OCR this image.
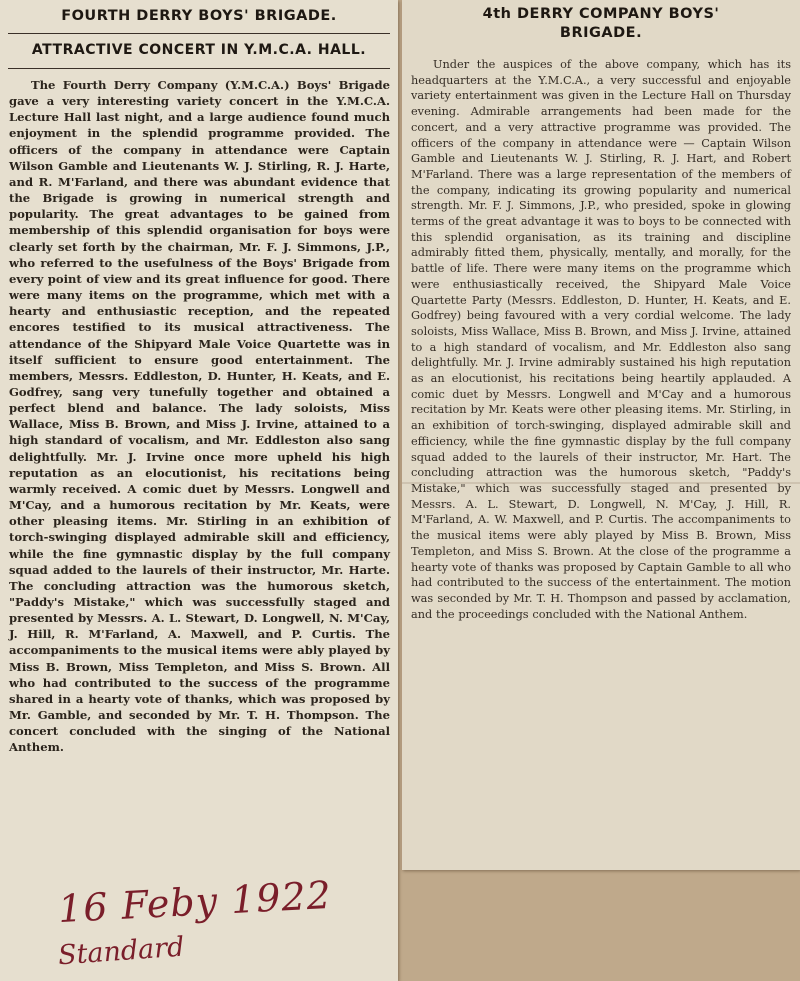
FOURTH DERRY BOYS' BRIGADE.
ATTRACTIVE CONCERT IN Y.M.C.A. HALL.

The Fourth Derry Company (Y.M.C.A.) Boys' Brigade gave a very interesting variety concert in the Y.M.C.A. Lecture Hall last night, and a large audience found much enjoyment in the splendid programme provided. The officers of the company in attendance were Captain Wilson Gamble and Lieutenants W. J. Stirling, R. J. Harte, and R. M'Farland, and there was abundant evidence that the Brigade is growing in numerical strength and popularity. The great advantages to be gained from membership of this splendid organisation for boys were clearly set forth by the chairman, Mr. F. J. Simmons, J.P., who referred to the usefulness of the Boys' Brigade from every point of view and its great influence for good. There were many items on the programme, which met with a hearty and enthusiastic reception, and the repeated encores testified to its musical attractiveness. The attendance of the Shipyard Male Voice Quartette was in itself sufficient to ensure good entertainment. The members, Messrs. Eddleston, D. Hunter, H. Keats, and E. Godfrey, sang very tunefully together and obtained a perfect blend and balance. The lady soloists, Miss Wallace, Miss B. Brown, and Miss J. Irvine, attained to a high standard of vocalism, and Mr. Eddleston also sang delightfully. Mr. J. Irvine once more upheld his high reputation as an elocutionist, his recitations being warmly received. A comic duet by Messrs. Longwell and M'Cay, and a humorous recitation by Mr. Keats, were other pleasing items. Mr. Stirling in an exhibition of torch-swinging displayed admirable skill and efficiency, while the fine gymnastic display by the full company squad added to the laurels of their instructor, Mr. Harte. The concluding attraction was the humorous sketch, "Paddy's Mistake," which was successfully staged and presented by Messrs. A. L. Stewart, D. Longwell, N. M'Cay, J. Hill, R. M'Farland, A. Maxwell, and P. Curtis. The accompaniments to the musical items were ably played by Miss B. Brown, Miss Templeton, and Miss S. Brown. All who had contributed to the success of the programme shared in a hearty vote of thanks, which was proposed by Mr. Gamble, and seconded by Mr. T. H. Thompson. The concert concluded with the singing of the National Anthem.

16 Feby 1922
Standard
4th DERRY COMPANY BOYS'
BRIGADE.

Under the auspices of the above company, which has its headquarters at the Y.M.C.A., a very successful and enjoyable variety entertainment was given in the Lecture Hall on Thursday evening. Admirable arrangements had been made for the concert, and a very attractive programme was provided. The officers of the company in attendance were — Captain Wilson Gamble and Lieutenants W. J. Stirling, R. J. Hart, and Robert M'Farland. There was a large representation of the members of the company, indicating its growing popularity and numerical strength. Mr. F. J. Simmons, J.P., who presided, spoke in glowing terms of the great advantage it was to boys to be connected with this splendid organisation, as its training and discipline admirably fitted them, physically, mentally, and morally, for the battle of life. There were many items on the programme which were enthusiastically received, the Shipyard Male Voice Quartette Party (Messrs. Eddleston, D. Hunter, H. Keats, and E. Godfrey) being favoured with a very cordial welcome. The lady soloists, Miss Wallace, Miss B. Brown, and Miss J. Irvine, attained to a high standard of vocalism, and Mr. Eddleston also sang delightfully. Mr. J. Irvine admirably sustained his high reputation as an elocutionist, his recitations being heartily applauded. A comic duet by Messrs. Longwell and M'Cay and a humorous recitation by Mr. Keats were other pleasing items. Mr. Stirling, in an exhibition of torch-swinging, displayed admirable skill and efficiency, while the fine gymnastic display by the full company squad added to the laurels of their instructor, Mr. Hart. The concluding attraction was the humorous sketch, "Paddy's Mistake," which was successfully staged and presented by Messrs. A. L. Stewart, D. Longwell, N. M'Cay, J. Hill, R. M'Farland, A. W. Maxwell, and P. Curtis. The accompaniments to the musical items were ably played by Miss B. Brown, Miss Templeton, and Miss S. Brown. At the close of the programme a hearty vote of thanks was proposed by Captain Gamble to all who had contributed to the success of the entertainment. The motion was seconded by Mr. T. H. Thompson and passed by acclamation, and the proceedings concluded with the National Anthem.
